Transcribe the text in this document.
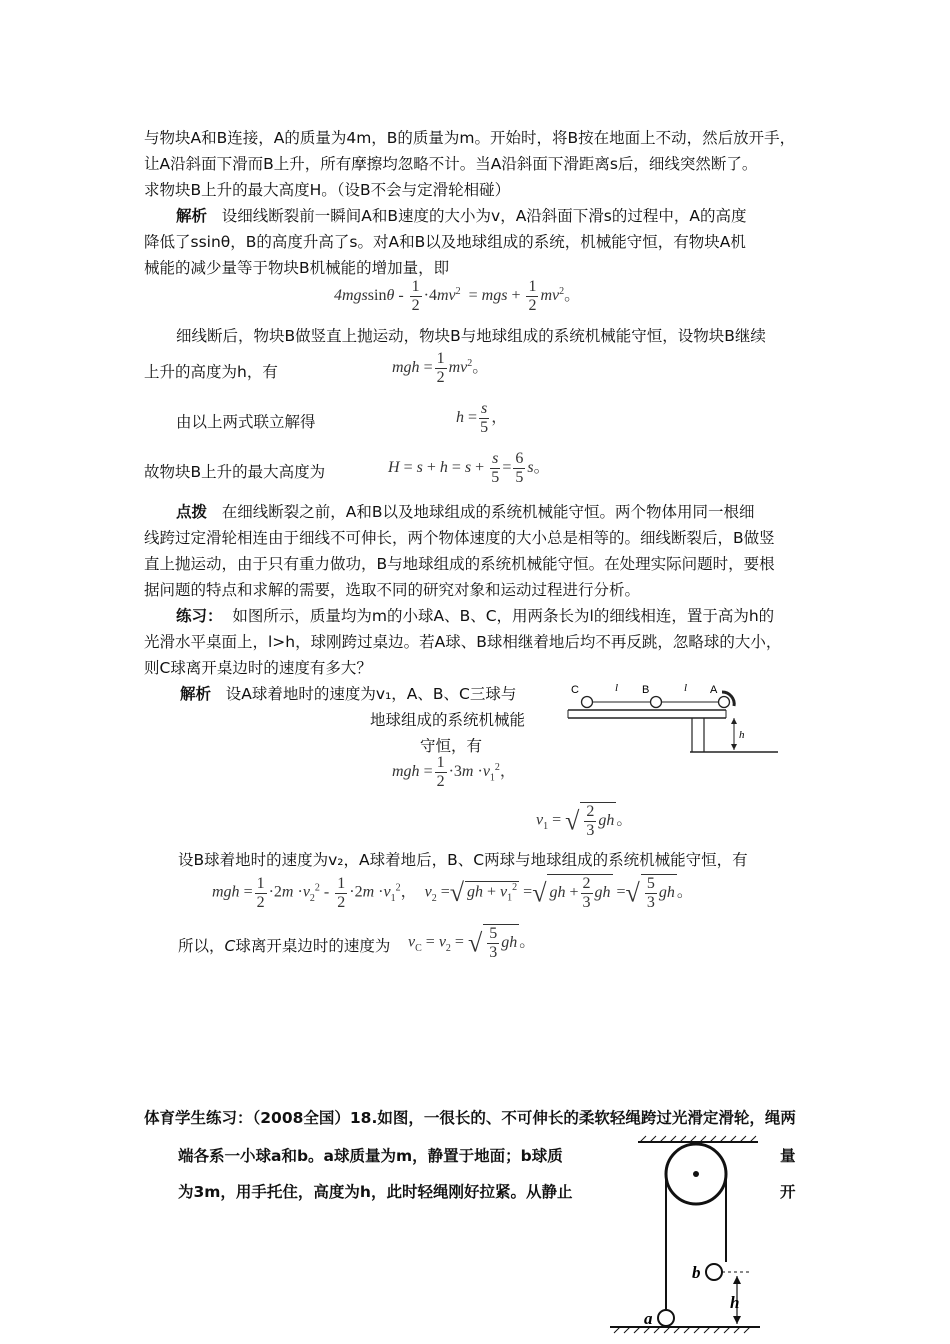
与物块A和B连接，A的质量为4m，B的质量为m。开始时，将B按在地面上不动，然后放开手，
让A沿斜面下滑而B上升，所有摩擦均忽略不计。当A沿斜面下滑距离s后，细线突然断了。
求物块B上升的最大高度H。（设B不会与定滑轮相碰）
解析 设细线断裂前一瞬间A和B速度的大小为v，A沿斜面下滑s的过程中，A的高度
降低了ssinθ，B的高度升高了s。对A和B以及地球组成的系统，机械能守恒，有物块A机
械能的减少量等于物块B机械能的增加量，即
$4mgssin\theta - \frac{1}{2} \cdot 4mv^2$  = mgs + $\frac{1}{2} mv^2$。
细线断后，物块B做竖直上抛运动，物块B与地球组成的系统机械能守恒，设物块B继续
上升的高度为h，有	mgh = $\frac{1}{2} mv^2$。
由以上两式联立解得	$h = \frac{s}{5}$ ，
故物块B上升的最大高度为	$H = s + h = s + \frac{s}{5} = \frac{6}{5}$ s。
点拨 在细线断裂之前，A和B以及地球组成的系统机械能守恒。两个物体用同一根细
线跨过定滑轮相连由于细线不可伸长，两个物体速度的大小总是相等的。细线断裂后，B做竖
直上抛运动，由于只有重力做功，B与地球组成的系统机械能守恒。在处理实际问题时，要根
据问题的特点和求解的需要，选取不同的研究对象和运动过程进行分析。
练习： 如图所示，质量均为m的小球A、B、C，用两条长为l的细线相连，置于高为h的
光滑水平桌面上，l>h，球刚跨过桌边。若A球、B球相继着地后均不再反跳，忽略球的大小，
则C球离开桌边时的速度有多大？
解析 设A球着地时的速度为v₁，A、B、C三球与
地球组成的系统机械能
守恒，有
mgh = $\frac{1}{2} \cdot 3m \cdot v_1^2$，
$v_1$ = √ $\frac{2}{3}$ gh 。
C	l B	l A
h
设B球着地时的速度为v₂，A球着地后，B、C两球与地球组成的系统机械能守恒，有
mgh = $\frac{1}{2} \cdot 2m \cdot v_2^2 - \frac{1}{2} \cdot 2m \cdot v_1^2$，  $v_2$ =√ gh + $v_1^2$ =√ gh + $\frac{2}{3}$ gh =√ $\frac{5}{3}$ gh 。
所以，C球离开桌边时的速度为 $v_C = v_2$ = √ $\frac{5}{3}$ gh 。
体育学生练习：（2008全国）18.如图，一很长的、不可伸长的柔软轻绳跨过光滑定滑轮，绳两
端各系一小球a和b。a球质量为m，静置于地面；b球质	量
为3m，用手托住，高度为h，此时轻绳刚好拉紧。从静止	开
b
h
a
